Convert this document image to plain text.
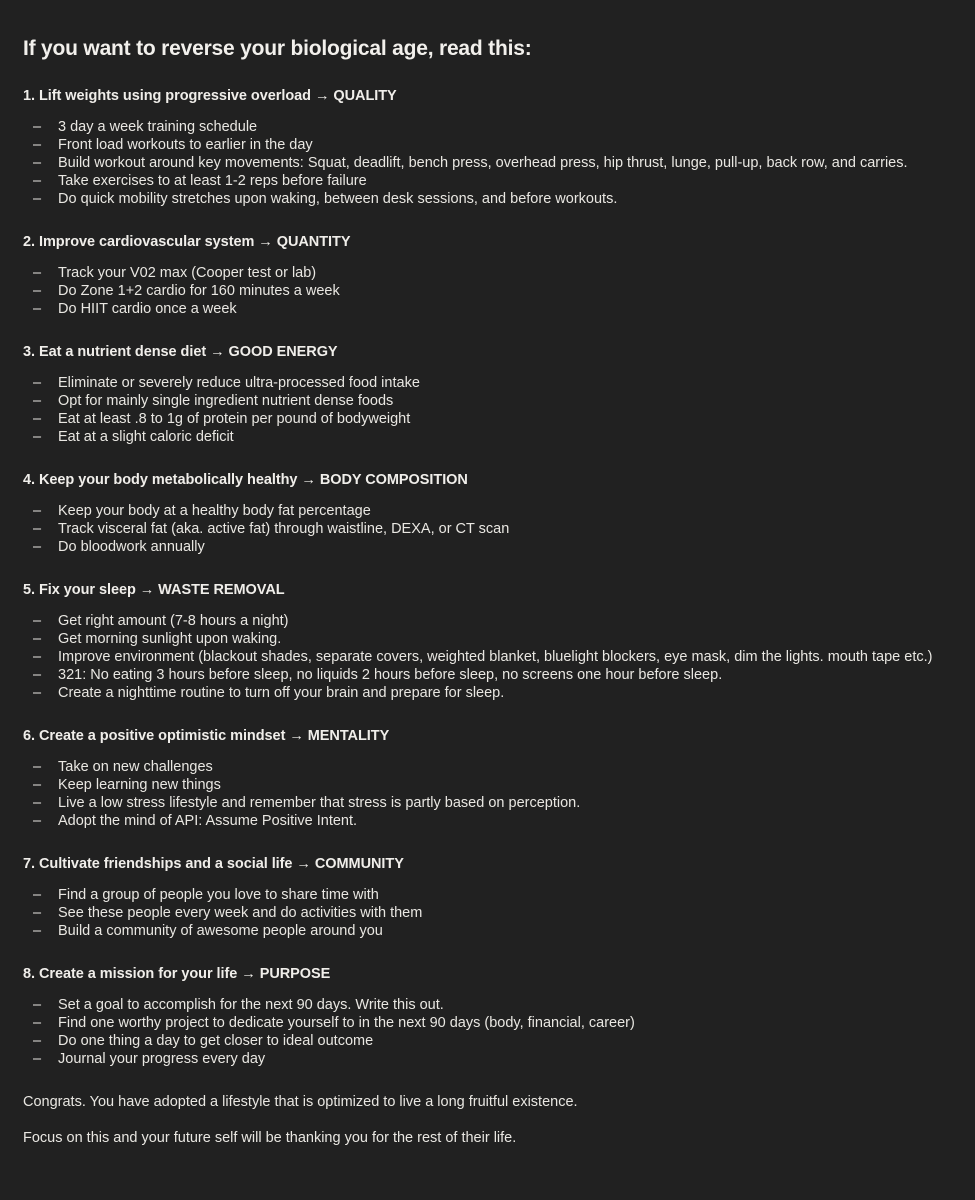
If you want to reverse your biological age, read this:
1. Lift weights using progressive overload → QUALITY
– 3 day a week training schedule
– Front load workouts to earlier in the day
– Build workout around key movements: Squat, deadlift, bench press, overhead press, hip thrust, lunge, pull-up, back row, and carries.
– Take exercises to at least 1-2 reps before failure
– Do quick mobility stretches upon waking, between desk sessions, and before workouts.
2. Improve cardiovascular system → QUANTITY
– Track your V02 max (Cooper test or lab)
– Do Zone 1+2 cardio for 160 minutes a week
– Do HIIT cardio once a week
3. Eat a nutrient dense diet → GOOD ENERGY
– Eliminate or severely reduce ultra-processed food intake
– Opt for mainly single ingredient nutrient dense foods
– Eat at least .8 to 1g of protein per pound of bodyweight
– Eat at a slight caloric deficit
4. Keep your body metabolically healthy → BODY COMPOSITION
– Keep your body at a healthy body fat percentage
– Track visceral fat (aka. active fat) through waistline, DEXA, or CT scan
– Do bloodwork annually
5. Fix your sleep → WASTE REMOVAL
– Get right amount (7-8 hours a night)
– Get morning sunlight upon waking.
– Improve environment (blackout shades, separate covers, weighted blanket, bluelight blockers, eye mask, dim the lights. mouth tape etc.)
– 321: No eating 3 hours before sleep, no liquids 2 hours before sleep, no screens one hour before sleep.
– Create a nighttime routine to turn off your brain and prepare for sleep.
6. Create a positive optimistic mindset → MENTALITY
– Take on new challenges
– Keep learning new things
– Live a low stress lifestyle and remember that stress is partly based on perception.
– Adopt the mind of API: Assume Positive Intent.
7. Cultivate friendships and a social life → COMMUNITY
– Find a group of people you love to share time with
– See these people every week and do activities with them
– Build a community of awesome people around you
8. Create a mission for your life → PURPOSE
– Set a goal to accomplish for the next 90 days. Write this out.
– Find one worthy project to dedicate yourself to in the next 90 days (body, financial, career)
– Do one thing a day to get closer to ideal outcome
– Journal your progress every day
Congrats. You have adopted a lifestyle that is optimized to live a long fruitful existence.
Focus on this and your future self will be thanking you for the rest of their life.
